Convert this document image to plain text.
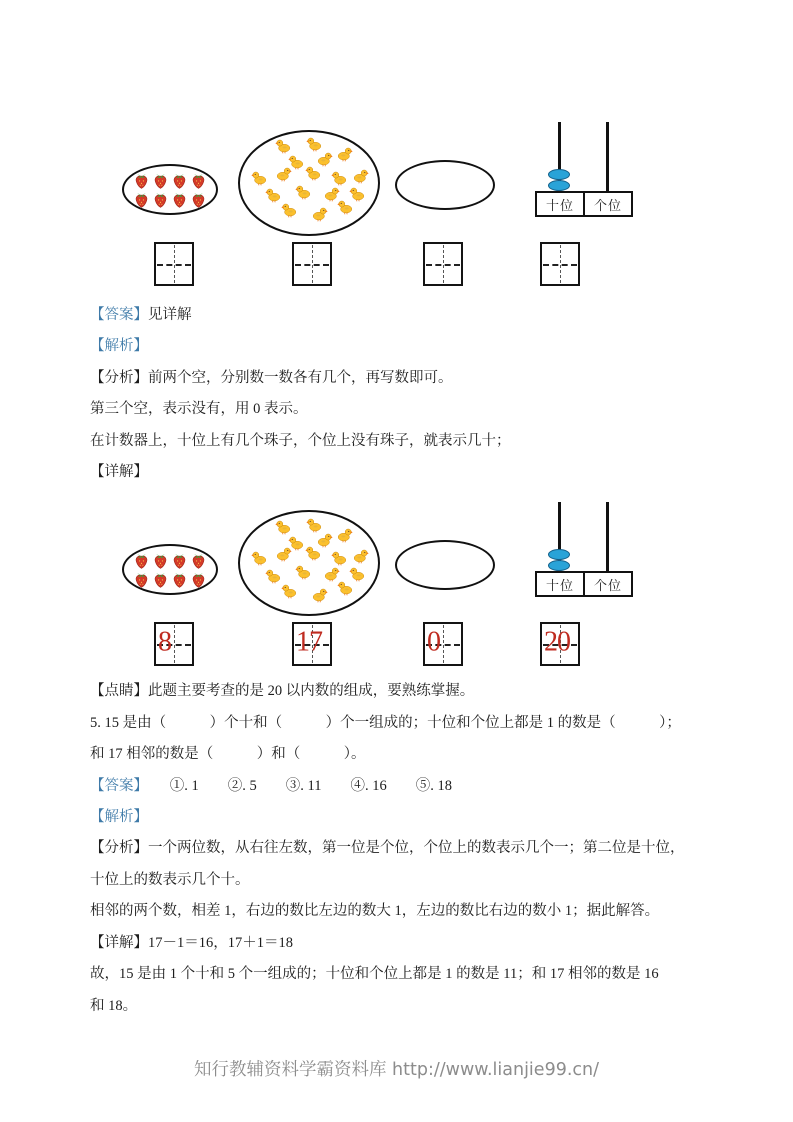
十位	个位

【答案】见详解

【解析】

【分析】前两个空，分别数一数各有几个，再写数即可。

第三个空，表示没有，用 0 表示。

在计数器上，十位上有几个珠子，个位上没有珠子，就表示几十；

【详解】

十位	个位
8	17	0	20

【点睛】此题主要考查的是 20 以内数的组成，要熟练掌握。

5. 15 是由（　　　）个十和（　　　）个一组成的；十位和个位上都是 1 的数是（　　　）；

和 17 相邻的数是（　　　）和（　　　）。

【答案】　　①. 1　　②. 5　　③. 11　　④. 16　　⑤. 18

【解析】

【分析】一个两位数，从右往左数，第一位是个位，个位上的数表示几个一；第二位是十位，

十位上的数表示几个十。

相邻的两个数，相差 1，右边的数比左边的数大 1，左边的数比右边的数小 1；据此解答。

【详解】17－1＝16，17＋1＝18

故，15 是由 1 个十和 5 个一组成的；十位和个位上都是 1 的数是 11；和 17 相邻的数是 16

和 18。

知行教辅资料学霸资料库 http://www.lianjie99.cn/
